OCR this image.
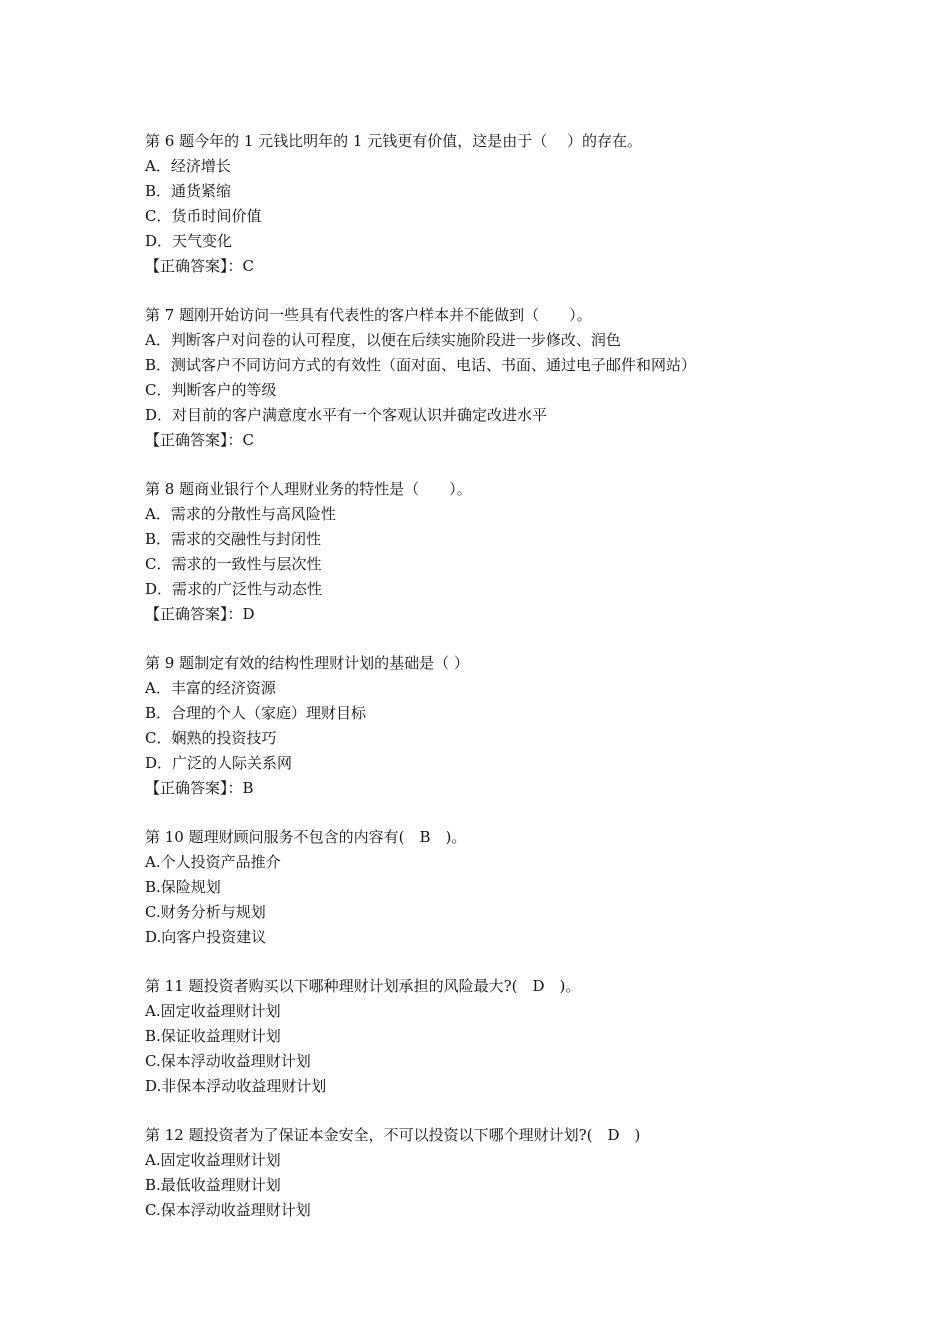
第 6 题今年的 1 元钱比明年的 1 元钱更有价值，这是由于（　 ）的存在。
A．经济增长
B．通货紧缩
C．货币时间价值
D．天气变化
【正确答案】：C
第 7 题刚开始访问一些具有代表性的客户样本并不能做到（　　）。
A．判断客户对问卷的认可程度，以便在后续实施阶段进一步修改、润色
B．测试客户不同访问方式的有效性（面对面、电话、书面、通过电子邮件和网站）
C．判断客户的等级
D．对目前的客户满意度水平有一个客观认识并确定改进水平
【正确答案】：C
第 8 题商业银行个人理财业务的特性是（　　）。
A．需求的分散性与高风险性
B．需求的交融性与封闭性
C．需求的一致性与层次性
D．需求的广泛性与动态性
【正确答案】：D
第 9 题制定有效的结构性理财计划的基础是（ ）
A．丰富的经济资源
B．合理的个人（家庭）理财目标
C．娴熟的投资技巧
D．广泛的人际关系网
【正确答案】：B
第 10 题理财顾问服务不包含的内容有(　B　)。
A.个人投资产品推介
B.保险规划
C.财务分析与规划
D.向客户投资建议
第 11 题投资者购买以下哪种理财计划承担的风险最大?(　D　)。
A.固定收益理财计划
B.保证收益理财计划
C.保本浮动收益理财计划
D.非保本浮动收益理财计划
第 12 题投资者为了保证本金安全，不可以投资以下哪个理财计划?(　D　)
A.固定收益理财计划
B.最低收益理财计划
C.保本浮动收益理财计划
